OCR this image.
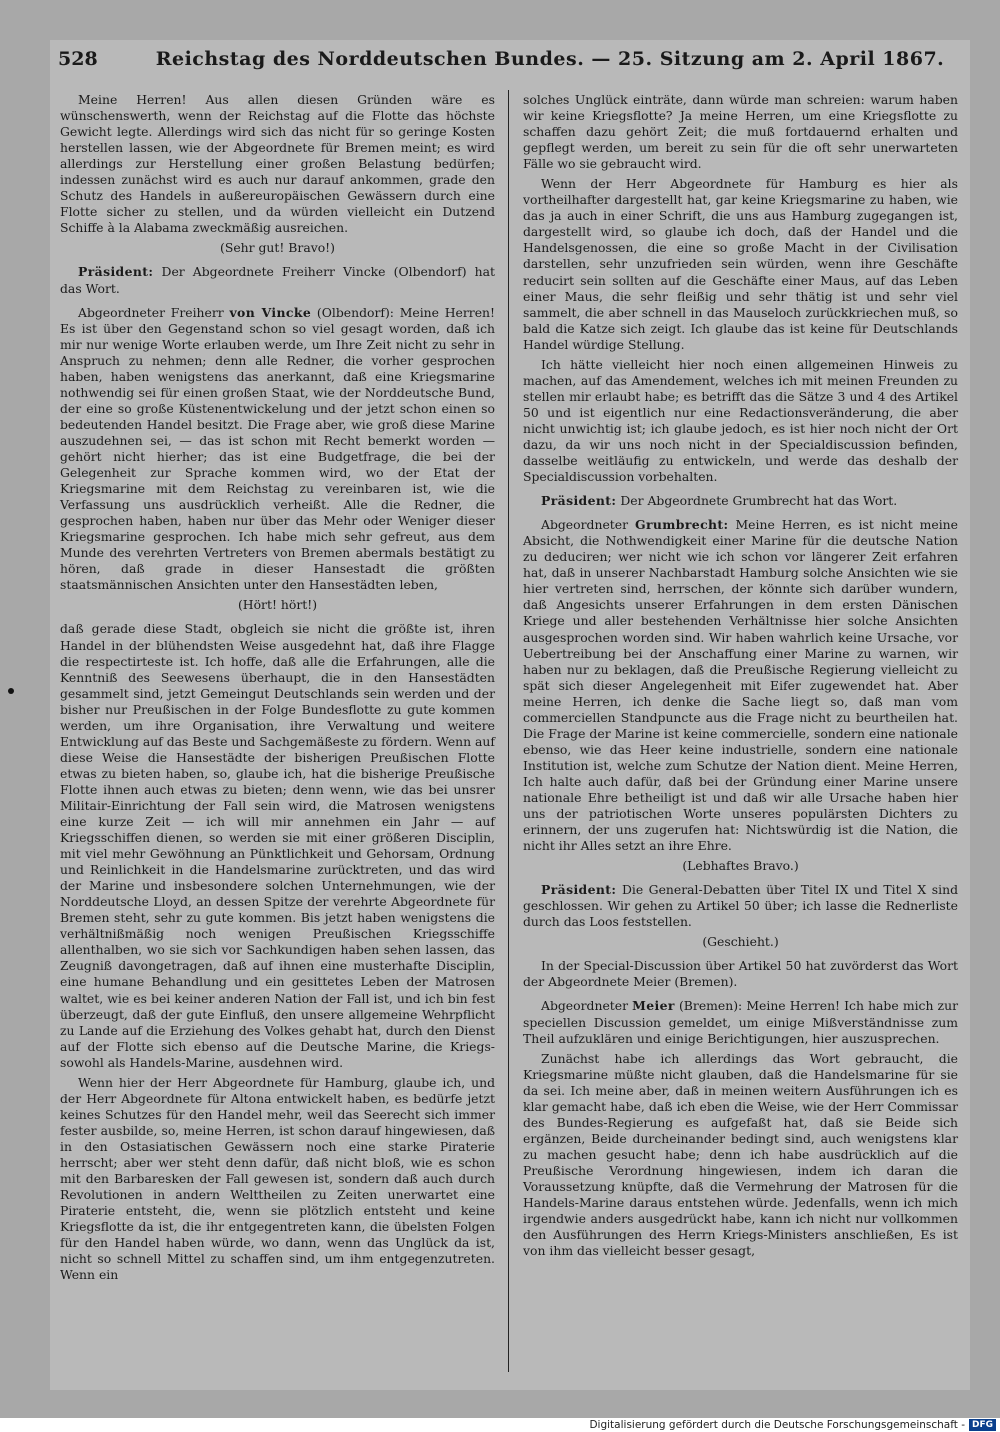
528	Reichstag des Norddeutschen Bundes. — 25. Sitzung am 2. April 1867.

Meine Herren! Aus allen diesen Gründen wäre es wünschenswerth, wenn der Reichstag auf die Flotte das höchste Gewicht legte. Allerdings wird sich das nicht für so geringe Kosten herstellen lassen, wie der Abgeordnete für Bremen meint; es wird allerdings zur Herstellung einer großen Belastung bedürfen; indessen zunächst wird es auch nur darauf ankommen, grade den Schutz des Handels in außereuropäischen Gewässern durch eine Flotte sicher zu stellen, und da würden vielleicht ein Dutzend Schiffe à la Alabama zweckmäßig ausreichen.

(Sehr gut! Bravo!)

Präsident: Der Abgeordnete Freiherr Vincke (Olbendorf) hat das Wort.

Abgeordneter Freiherr von Vincke (Olbendorf): Meine Herren! Es ist über den Gegenstand schon so viel gesagt worden, daß ich mir nur wenige Worte erlauben werde, um Ihre Zeit nicht zu sehr in Anspruch zu nehmen; denn alle Redner, die vorher gesprochen haben, haben wenigstens das anerkannt, daß eine Kriegsmarine nothwendig sei für einen großen Staat, wie der Norddeutsche Bund, der eine so große Küstenentwickelung und der jetzt schon einen so bedeutenden Handel besitzt. Die Frage aber, wie groß diese Marine auszudehnen sei, — das ist schon mit Recht bemerkt worden — gehört nicht hierher; das ist eine Budgetfrage, die bei der Gelegenheit zur Sprache kommen wird, wo der Etat der Kriegsmarine mit dem Reichstag zu vereinbaren ist, wie die Verfassung uns ausdrücklich verheißt. Alle die Redner, die gesprochen haben, haben nur über das Mehr oder Weniger dieser Kriegsmarine gesprochen. Ich habe mich sehr gefreut, aus dem Munde des verehrten Vertreters von Bremen abermals bestätigt zu hören, daß grade in dieser Hansestadt die größten staatsmännischen Ansichten unter den Hansestädten leben,

(Hört! hört!)

daß gerade diese Stadt, obgleich sie nicht die größte ist, ihren Handel in der blühendsten Weise ausgedehnt hat, daß ihre Flagge die respectirteste ist. Ich hoffe, daß alle die Erfahrungen, alle die Kenntniß des Seewesens überhaupt, die in den Hansestädten gesammelt sind, jetzt Gemeingut Deutschlands sein werden und der bisher nur Preußischen in der Folge Bundesflotte zu gute kommen werden, um ihre Organisation, ihre Verwaltung und weitere Entwicklung auf das Beste und Sachgemäßeste zu fördern. Wenn auf diese Weise die Hansestädte der bisherigen Preußischen Flotte etwas zu bieten haben, so, glaube ich, hat die bisherige Preußische Flotte ihnen auch etwas zu bieten; denn wenn, wie das bei unsrer Militair-Einrichtung der Fall sein wird, die Matrosen wenigstens eine kurze Zeit — ich will mir annehmen ein Jahr — auf Kriegsschiffen dienen, so werden sie mit einer größeren Disciplin, mit viel mehr Gewöhnung an Pünktlichkeit und Gehorsam, Ordnung und Reinlichkeit in die Handelsmarine zurücktreten, und das wird der Marine und insbesondere solchen Unternehmungen, wie der Norddeutsche Lloyd, an dessen Spitze der verehrte Abgeordnete für Bremen steht, sehr zu gute kommen. Bis jetzt haben wenigstens die verhältnißmäßig noch wenigen Preußischen Kriegsschiffe allenthalben, wo sie sich vor Sachkundigen haben sehen lassen, das Zeugniß davongetragen, daß auf ihnen eine musterhafte Disciplin, eine humane Behandlung und ein gesittetes Leben der Matrosen waltet, wie es bei keiner anderen Nation der Fall ist, und ich bin fest überzeugt, daß der gute Einfluß, den unsere allgemeine Wehrpflicht zu Lande auf die Erziehung des Volkes gehabt hat, durch den Dienst auf der Flotte sich ebenso auf die Deutsche Marine, die Kriegs- sowohl als Handels-Marine, ausdehnen wird.

Wenn hier der Herr Abgeordnete für Hamburg, glaube ich, und der Herr Abgeordnete für Altona entwickelt haben, es bedürfe jetzt keines Schutzes für den Handel mehr, weil das Seerecht sich immer fester ausbilde, so, meine Herren, ist schon darauf hingewiesen, daß in den Ostasiatischen Gewässern noch eine starke Piraterie herrscht; aber wer steht denn dafür, daß nicht bloß, wie es schon mit den Barbaresken der Fall gewesen ist, sondern daß auch durch Revolutionen in andern Welttheilen zu Zeiten unerwartet eine Piraterie entsteht, die, wenn sie plötzlich entsteht und keine Kriegsflotte da ist, die ihr entgegentreten kann, die übelsten Folgen für den Handel haben würde, wo dann, wenn das Unglück da ist, nicht so schnell Mittel zu schaffen sind, um ihm entgegenzutreten. Wenn ein

solches Unglück einträte, dann würde man schreien: warum haben wir keine Kriegsflotte? Ja meine Herren, um eine Kriegsflotte zu schaffen dazu gehört Zeit; die muß fortdauernd erhalten und gepflegt werden, um bereit zu sein für die oft sehr unerwarteten Fälle wo sie gebraucht wird.

Wenn der Herr Abgeordnete für Hamburg es hier als vortheilhafter dargestellt hat, gar keine Kriegsmarine zu haben, wie das ja auch in einer Schrift, die uns aus Hamburg zugegangen ist, dargestellt wird, so glaube ich doch, daß der Handel und die Handelsgenossen, die eine so große Macht in der Civilisation darstellen, sehr unzufrieden sein würden, wenn ihre Geschäfte reducirt sein sollten auf die Geschäfte einer Maus, auf das Leben einer Maus, die sehr fleißig und sehr thätig ist und sehr viel sammelt, die aber schnell in das Mauseloch zurückkriechen muß, so bald die Katze sich zeigt. Ich glaube das ist keine für Deutschlands Handel würdige Stellung.

Ich hätte vielleicht hier noch einen allgemeinen Hinweis zu machen, auf das Amendement, welches ich mit meinen Freunden zu stellen mir erlaubt habe; es betrifft das die Sätze 3 und 4 des Artikel 50 und ist eigentlich nur eine Redactionsveränderung, die aber nicht unwichtig ist; ich glaube jedoch, es ist hier noch nicht der Ort dazu, da wir uns noch nicht in der Specialdiscussion befinden, dasselbe weitläufig zu entwickeln, und werde das deshalb der Specialdiscussion vorbehalten.

Präsident: Der Abgeordnete Grumbrecht hat das Wort.

Abgeordneter Grumbrecht: Meine Herren, es ist nicht meine Absicht, die Nothwendigkeit einer Marine für die deutsche Nation zu deduciren; wer nicht wie ich schon vor längerer Zeit erfahren hat, daß in unserer Nachbarstadt Hamburg solche Ansichten wie sie hier vertreten sind, herrschen, der könnte sich darüber wundern, daß Angesichts unserer Erfahrungen in dem ersten Dänischen Kriege und aller bestehenden Verhältnisse hier solche Ansichten ausgesprochen worden sind. Wir haben wahrlich keine Ursache, vor Uebertreibung bei der Anschaffung einer Marine zu warnen, wir haben nur zu beklagen, daß die Preußische Regierung vielleicht zu spät sich dieser Angelegenheit mit Eifer zugewendet hat. Aber meine Herren, ich denke die Sache liegt so, daß man vom commerciellen Standpuncte aus die Frage nicht zu beurtheilen hat. Die Frage der Marine ist keine commercielle, sondern eine nationale ebenso, wie das Heer keine industrielle, sondern eine nationale Institution ist, welche zum Schutze der Nation dient. Meine Herren, Ich halte auch dafür, daß bei der Gründung einer Marine unsere nationale Ehre betheiligt ist und daß wir alle Ursache haben hier uns der patriotischen Worte unseres populärsten Dichters zu erinnern, der uns zugerufen hat: Nichtswürdig ist die Nation, die nicht ihr Alles setzt an ihre Ehre.

(Lebhaftes Bravo.)

Präsident: Die General-Debatten über Titel IX und Titel X sind geschlossen. Wir gehen zu Artikel 50 über; ich lasse die Rednerliste durch das Loos feststellen.

(Geschieht.)

In der Special-Discussion über Artikel 50 hat zuvörderst das Wort der Abgeordnete Meier (Bremen).

Abgeordneter Meier (Bremen): Meine Herren! Ich habe mich zur speciellen Discussion gemeldet, um einige Mißverständnisse zum Theil aufzuklären und einige Berichtigungen, hier auszusprechen.

Zunächst habe ich allerdings das Wort gebraucht, die Kriegsmarine müßte nicht glauben, daß die Handelsmarine für sie da sei. Ich meine aber, daß in meinen weitern Ausführungen ich es klar gemacht habe, daß ich eben die Weise, wie der Herr Commissar des Bundes-Regierung es aufgefaßt hat, daß sie Beide sich ergänzen, Beide durcheinander bedingt sind, auch wenigstens klar zu machen gesucht habe; denn ich habe ausdrücklich auf die Preußische Verordnung hingewiesen, indem ich daran die Voraussetzung knüpfte, daß die Vermehrung der Matrosen für die Handels-Marine daraus entstehen würde. Jedenfalls, wenn ich mich irgendwie anders ausgedrückt habe, kann ich nicht nur vollkommen den Ausführungen des Herrn Kriegs-Ministers anschließen, Es ist von ihm das vielleicht besser gesagt,

Digitalisierung gefördert durch die Deutsche Forschungsgemeinschaft - DFG
